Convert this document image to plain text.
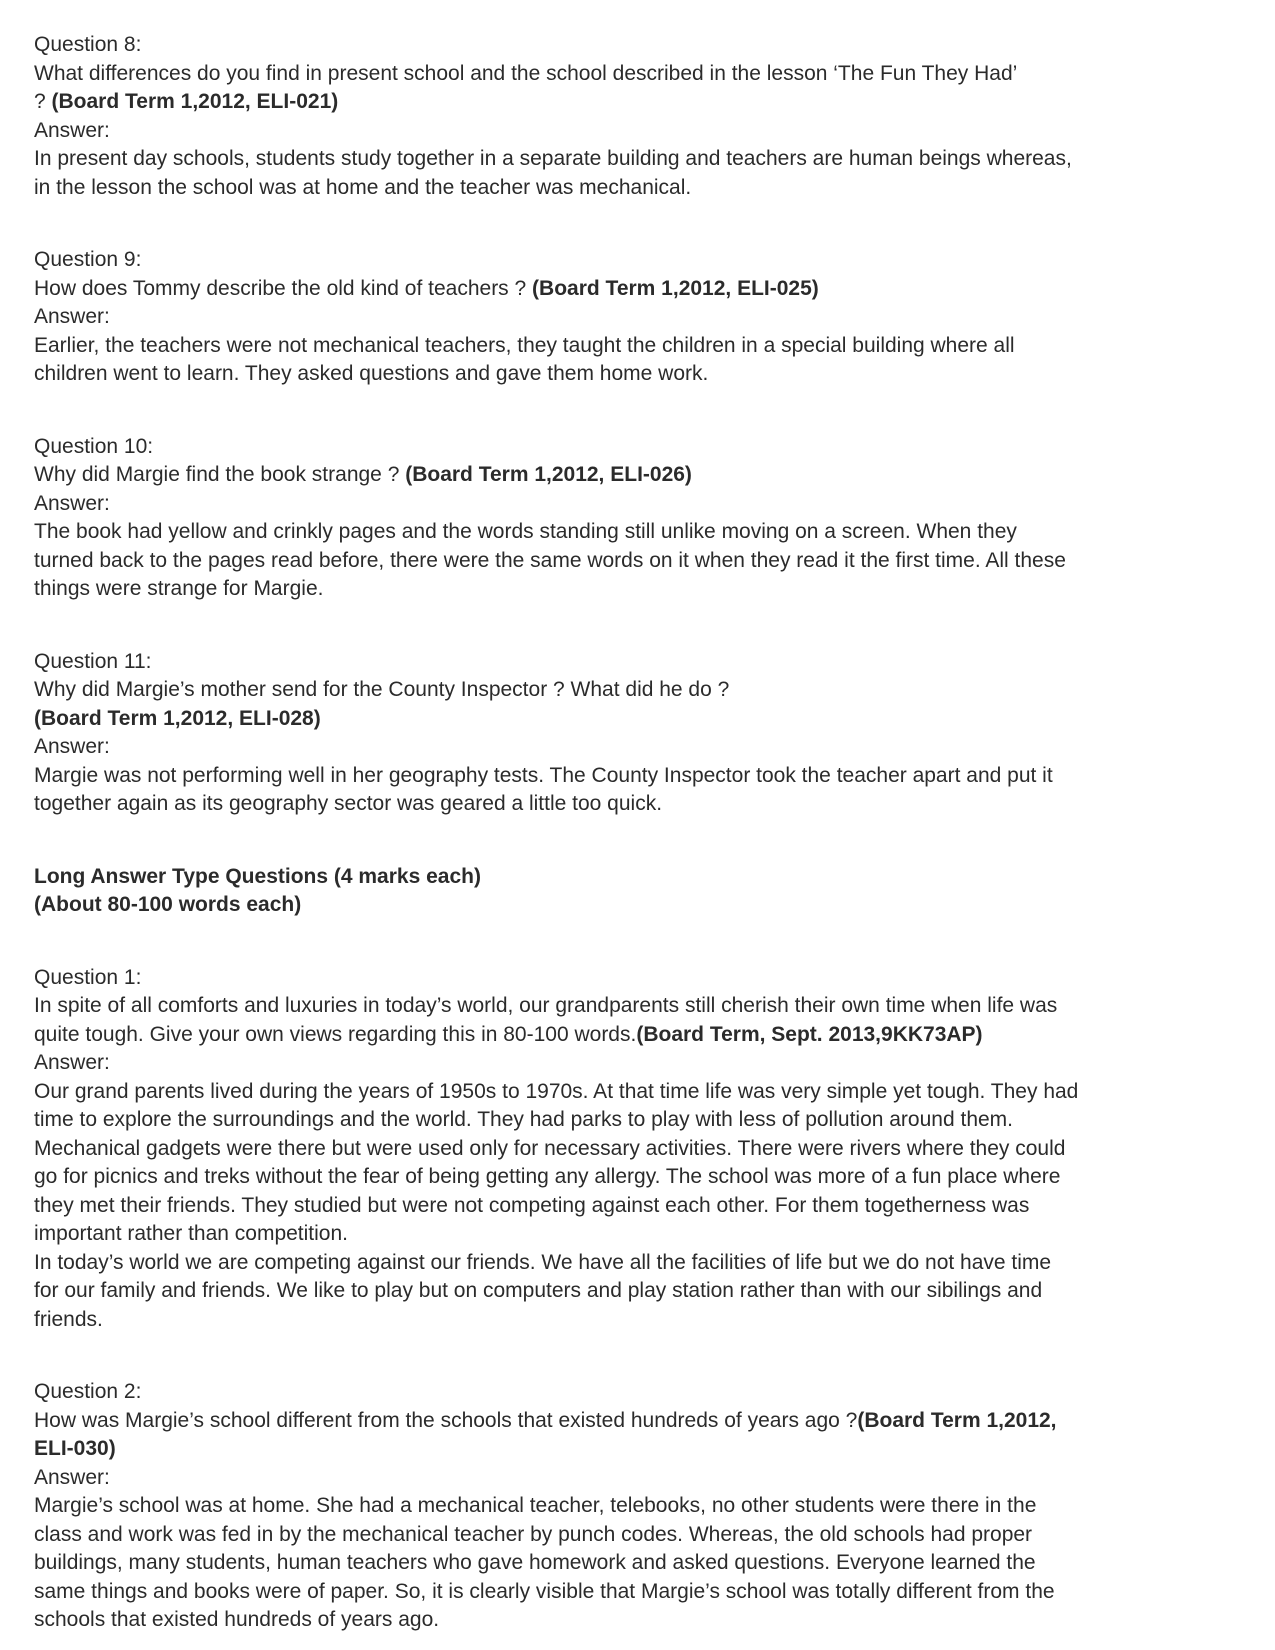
Question 8:
What differences do you find in present school and the school described in the lesson ‘The Fun They Had’
? (Board Term 1,2012, ELI-021)
Answer:
In present day schools, students study together in a separate building and teachers are human beings whereas,
in the lesson the school was at home and the teacher was mechanical.
Question 9:
How does Tommy describe the old kind of teachers ? (Board Term 1,2012, ELI-025)
Answer:
Earlier, the teachers were not mechanical teachers, they taught the children in a special building where all
children went to learn. They asked questions and gave them home work.
Question 10:
Why did Margie find the book strange ? (Board Term 1,2012, ELI-026)
Answer:
The book had yellow and crinkly pages and the words standing still unlike moving on a screen. When they
turned back to the pages read before, there were the same words on it when they read it the first time. All these
things were strange for Margie.
Question 11:
Why did Margie’s mother send for the County Inspector ? What did he do ?
(Board Term 1,2012, ELI-028)
Answer:
Margie was not performing well in her geography tests. The County Inspector took the teacher apart and put it
together again as its geography sector was geared a little too quick.
Long Answer Type Questions (4 marks each)
(About 80-100 words each)
Question 1:
In spite of all comforts and luxuries in today’s world, our grandparents still cherish their own time when life was
quite tough. Give your own views regarding this in 80-100 words.(Board Term, Sept. 2013,9KK73AP)
Answer:
Our grand parents lived during the years of 1950s to 1970s. At that time life was very simple yet tough. They had
time to explore the surroundings and the world. They had parks to play with less of pollution around them.
Mechanical gadgets were there but were used only for necessary activities. There were rivers where they could
go for picnics and treks without the fear of being getting any allergy. The school was more of a fun place where
they met their friends. They studied but were not competing against each other. For them togetherness was
important rather than competition.
In today’s world we are competing against our friends. We have all the facilities of life but we do not have time
for our family and friends. We like to play but on computers and play station rather than with our sibilings and
friends.
Question 2:
How was Margie’s school different from the schools that existed hundreds of years ago ?(Board Term 1,2012,
ELI-030)
Answer:
Margie’s school was at home. She had a mechanical teacher, telebooks, no other students were there in the
class and work was fed in by the mechanical teacher by punch codes. Whereas, the old schools had proper
buildings, many students, human teachers who gave homework and asked questions. Everyone learned the
same things and books were of paper. So, it is clearly visible that Margie’s school was totally different from the
schools that existed hundreds of years ago.
